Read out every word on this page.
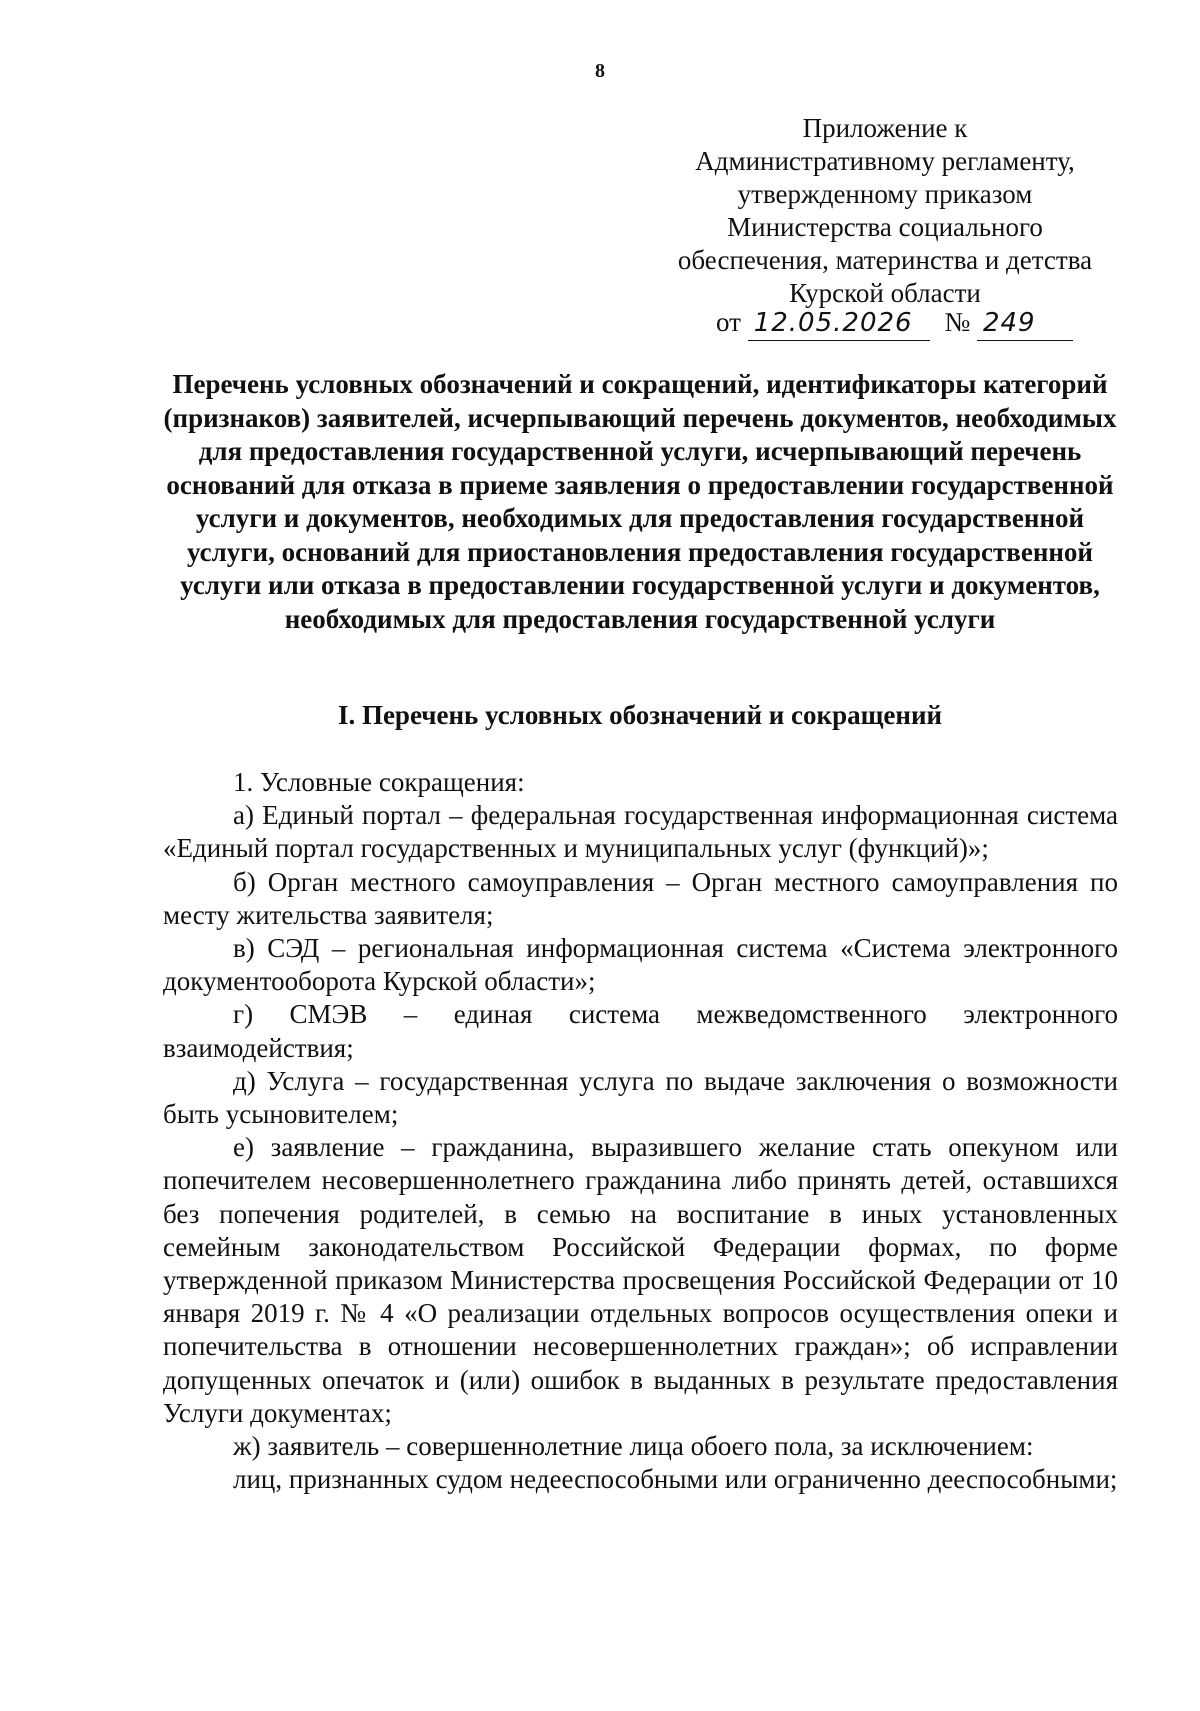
8
Приложение к
Административному регламенту,
утвержденному приказом
Министерства социального
обеспечения, материнства и детства
Курской области
от 12.05.2026 № 249
Перечень условных обозначений и сокращений, идентификаторы категорий (признаков) заявителей, исчерпывающий перечень документов, необходимых для предоставления государственной услуги, исчерпывающий перечень оснований для отказа в приеме заявления о предоставлении государственной услуги и документов, необходимых для предоставления государственной услуги, оснований для приостановления предоставления государственной услуги или отказа в предоставлении государственной услуги и документов, необходимых для предоставления государственной услуги
I. Перечень условных обозначений и сокращений

1. Условные сокращения:

а) Единый портал – федеральная государственная информационная система «Единый портал государственных и муниципальных услуг (функций)»;

б) Орган местного самоуправления – Орган местного самоуправления по месту жительства заявителя;

в) СЭД – региональная информационная система «Система электронного документооборота Курской области»;

г) СМЭВ – единая система межведомственного электронного взаимодействия;

д) Услуга – государственная услуга по выдаче заключения о возможности быть усыновителем;

е) заявление – гражданина, выразившего желание стать опекуном или попечителем несовершеннолетнего гражданина либо принять детей, оставшихся без попечения родителей, в семью на воспитание в иных установленных семейным законодательством Российской Федерации формах, по форме утвержденной приказом Министерства просвещения Российской Федерации от 10 января 2019 г. № 4 «О реализации отдельных вопросов осуществления опеки и попечительства в отношении несовершеннолетних граждан»; об исправлении допущенных опечаток и (или) ошибок в выданных в результате предоставления Услуги документах;

ж) заявитель – совершеннолетние лица обоего пола, за исключением:

лиц, признанных судом недееспособными или ограниченно дееспособными;
